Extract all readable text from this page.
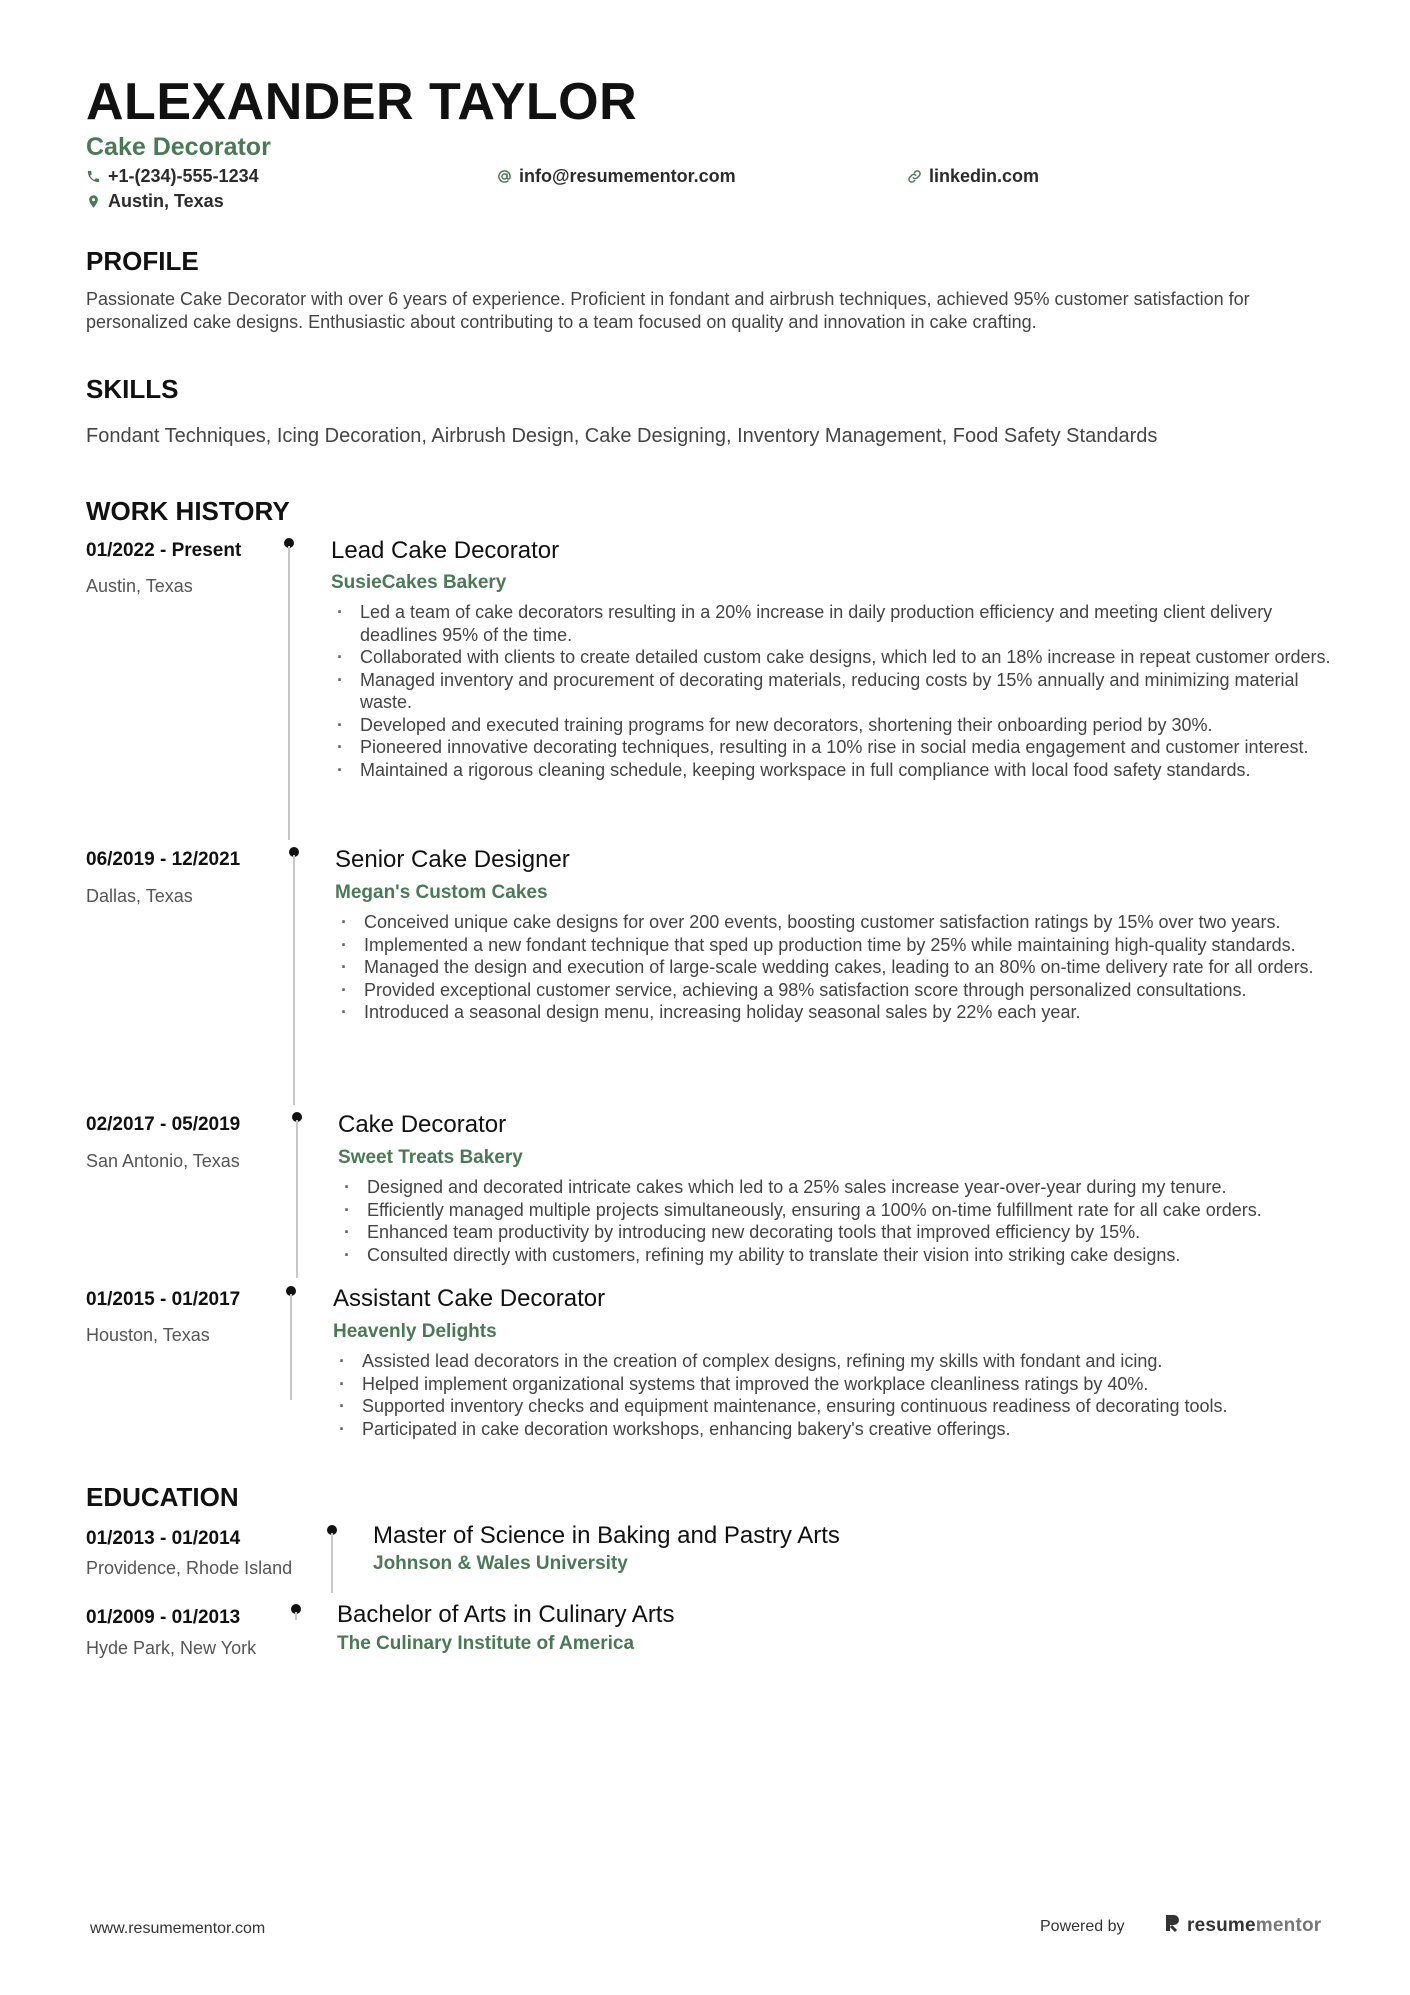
ALEXANDER TAYLOR
Cake Decorator
+1-(234)-555-1234	info@resumementor.com	linkedin.com
Austin, Texas
PROFILE

Passionate Cake Decorator with over 6 years of experience. Proficient in fondant and airbrush techniques, achieved 95% customer satisfaction for personalized cake designs. Enthusiastic about contributing to a team focused on quality and innovation in cake crafting.

SKILLS
Fondant Techniques, Icing Decoration, Airbrush Design, Cake Designing, Inventory Management, Food Safety Standards
WORK HISTORY
01/2022 - Present
Austin, Texas
Lead Cake Decorator
SusieCakes Bakery
· Led a team of cake decorators resulting in a 20% increase in daily production efficiency and meeting client delivery deadlines 95% of the time.
· Collaborated with clients to create detailed custom cake designs, which led to an 18% increase in repeat customer orders.
· Managed inventory and procurement of decorating materials, reducing costs by 15% annually and minimizing material waste.
· Developed and executed training programs for new decorators, shortening their onboarding period by 30%.
· Pioneered innovative decorating techniques, resulting in a 10% rise in social media engagement and customer interest.
· Maintained a rigorous cleaning schedule, keeping workspace in full compliance with local food safety standards.
06/2019 - 12/2021
Dallas, Texas
Senior Cake Designer
Megan's Custom Cakes
· Conceived unique cake designs for over 200 events, boosting customer satisfaction ratings by 15% over two years.
· Implemented a new fondant technique that sped up production time by 25% while maintaining high-quality standards.
· Managed the design and execution of large-scale wedding cakes, leading to an 80% on-time delivery rate for all orders.
· Provided exceptional customer service, achieving a 98% satisfaction score through personalized consultations.
· Introduced a seasonal design menu, increasing holiday seasonal sales by 22% each year.
02/2017 - 05/2019
San Antonio, Texas
Cake Decorator
Sweet Treats Bakery
· Designed and decorated intricate cakes which led to a 25% sales increase year-over-year during my tenure.
· Efficiently managed multiple projects simultaneously, ensuring a 100% on-time fulfillment rate for all cake orders.
· Enhanced team productivity by introducing new decorating tools that improved efficiency by 15%.
· Consulted directly with customers, refining my ability to translate their vision into striking cake designs.
01/2015 - 01/2017
Houston, Texas
Assistant Cake Decorator
Heavenly Delights
· Assisted lead decorators in the creation of complex designs, refining my skills with fondant and icing.
· Helped implement organizational systems that improved the workplace cleanliness ratings by 40%.
· Supported inventory checks and equipment maintenance, ensuring continuous readiness of decorating tools.
· Participated in cake decoration workshops, enhancing bakery's creative offerings.
EDUCATION
01/2013 - 01/2014
Providence, Rhode Island
Master of Science in Baking and Pastry Arts
Johnson & Wales University
01/2009 - 01/2013
Hyde Park, New York
Bachelor of Arts in Culinary Arts
The Culinary Institute of America
www.resumementor.com	Powered by	resumementor
